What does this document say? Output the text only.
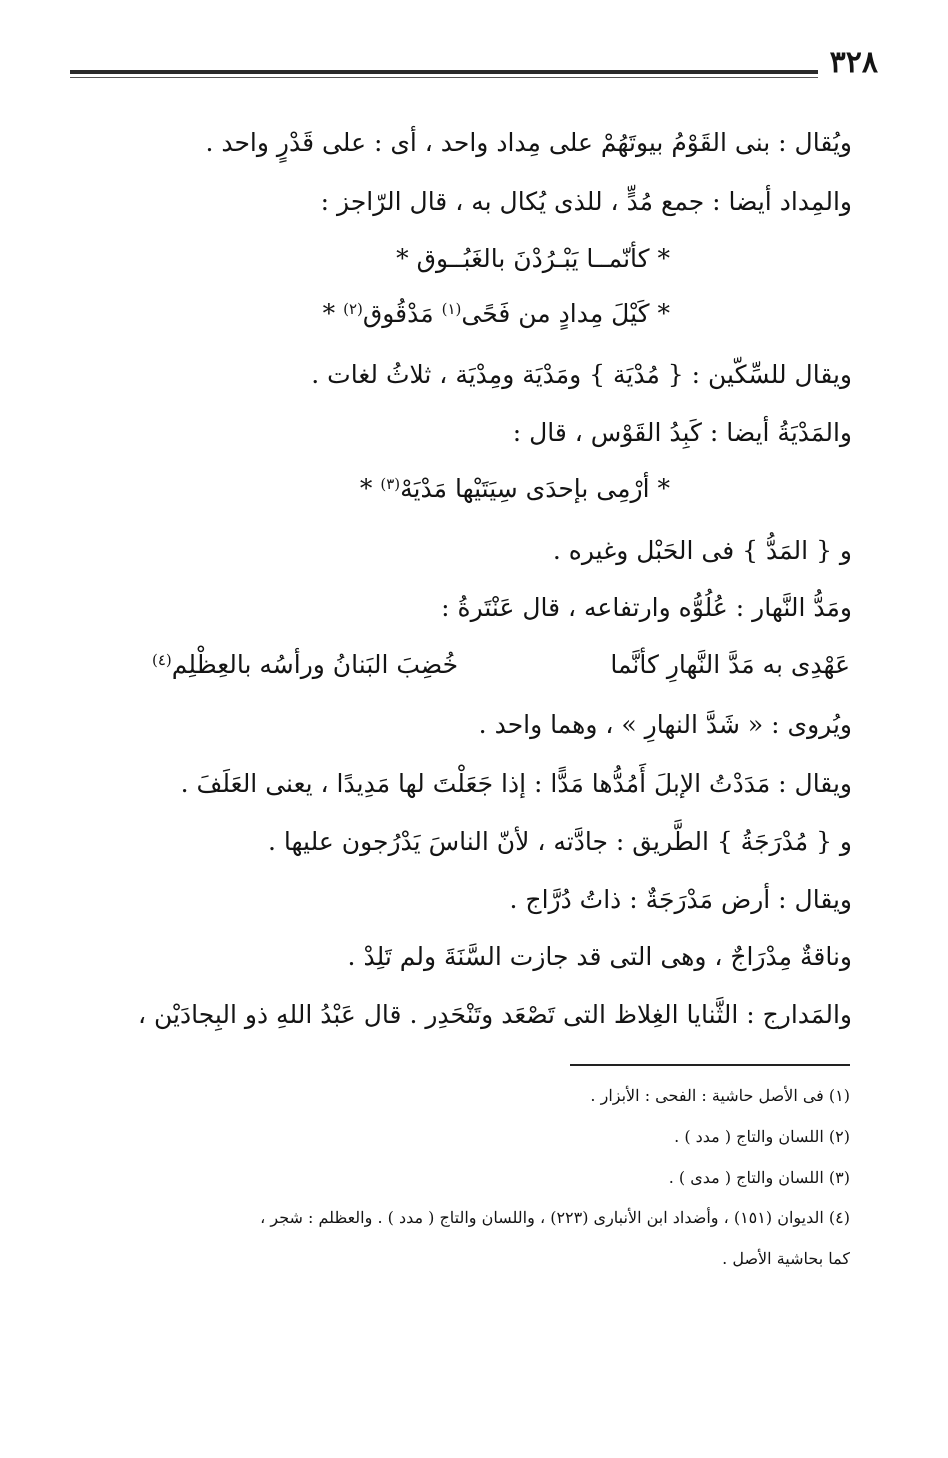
٣٢٨
ويُقال : بنى القَوْمُ بيوتَهُمْ على مِداد واحد ، أى : على قَدْرٍ واحد .
والمِداد أيضا : جمع مُدٍّ ، للذى يُكال به ، قال الرّاجز :
* كأنّمــا يَبْـرُدْنَ بالغَبُــوق *
* كَيْلَ مِدادٍ من فَحًى$^{(١)}$ مَدْقُوق$^{(٢)}$ *
ويقال للسِّكّين : { مُدْيَة } ومَدْيَة ومِدْيَة ، ثلاثُ لغات .
والمَدْيَةُ أيضا : كَبِدُ القَوْس ، قال :
* أرْمِى بإحدَى سِيَتَيْها مَدْيَهْ$^{(٣)}$ *
و { المَدُّ } فى الحَبْل وغيره .
ومَدُّ النَّهار : عُلُوُّه وارتفاعه ، قال عَنْتَرةُ :
عَهْدِى به مَدَّ النَّهارِ كأنَّما
خُضِبَ البَنانُ ورأسُه بالعِظْلِم$^{(٤)}$
ويُروى : « شَدَّ النهارِ » ، وهما واحد .
ويقال : مَدَدْتُ الإبلَ أَمُدُّها مَدًّا : إذا جَعَلْتَ لها مَدِيدًا ، يعنى العَلَفَ .
و { مُدْرَجَةُ } الطَّريق : جادَّته ، لأنّ الناسَ يَدْرُجون عليها .
ويقال : أرض مَدْرَجَةٌ : ذاتُ دُرَّاج .
وناقةٌ مِدْرَاجٌ ، وهى التى قد جازت السَّنَةَ ولم تَلِدْ .
والمَدارج : الثَّنايا الغِلاظ التى تَصْعَد وتَنْحَدِر . قال عَبْدُ اللهِ ذو البِجادَيْن ،
(١) فى الأصل حاشية : الفحى : الأبزار .
(٢) اللسان والتاج ( مدد ) .
(٣) اللسان والتاج ( مدى ) .
(٤) الديوان (١٥١) ، وأضداد ابن الأنبارى (٢٢٣) ، واللسان والتاج ( مدد ) . والعظلم : شجر ،
كما بحاشية الأصل .
